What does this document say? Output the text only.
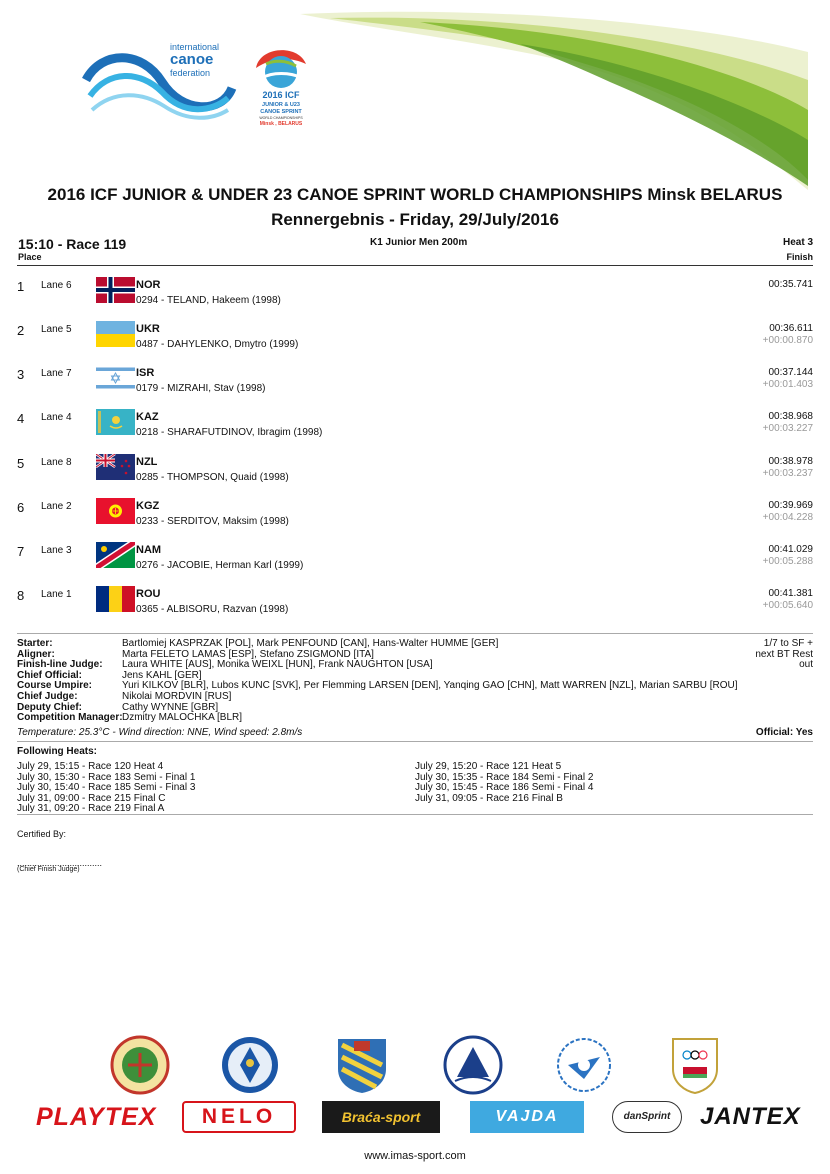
international
canoe
federation
2016 ICF
JUNIOR & U23
CANOE SPRINT
WORLD CHAMPIONSHIPS
Minsk , BELARUS
2016 ICF JUNIOR & UNDER 23 CANOE SPRINT WORLD CHAMPIONSHIPS Minsk BELARUS
Rennergebnis - Friday, 29/July/2016
15:10 - Race 119	K1 Junior Men 200m	Heat 3
Place	Finish
1 Lane 6	NOR
0294 - TELAND, Hakeem (1998)
00:35.741
2 Lane 5	UKR
0487 - DAHYLENKO, Dmytro (1999)
00:36.611
+00:00.870
3 Lane 7	ISR
0179 - MIZRAHI, Stav (1998)
00:37.144
+00:01.403
4 Lane 4	KAZ
0218 - SHARAFUTDINOV, Ibragim (1998)
00:38.968
+00:03.227
5 Lane 8	NZL
0285 - THOMPSON, Quaid (1998)
00:38.978
+00:03.237
6 Lane 2	KGZ
0233 - SERDITOV, Maksim (1998)
00:39.969
+00:04.228
7 Lane 3	NAM
0276 - JACOBIE, Herman Karl (1999)
00:41.029
+00:05.288
8 Lane 1	ROU
0365 - ALBISORU, Razvan (1998)
00:41.381
+00:05.640
Starter:	Bartlomiej KASPRZAK [POL], Mark PENFOUND [CAN], Hans-Walter HUMME [GER]
Aligner:	Marta FELETO LAMAS [ESP], Stefano ZSIGMOND [ITA]
Finish-line Judge:	Laura WHITE [AUS], Monika WEIXL [HUN], Frank NAUGHTON [USA]
Chief Official:	Jens KAHL [GER]
Course Umpire:	Yuri KILKOV [BLR], Lubos KUNC [SVK], Per Flemming LARSEN [DEN], Yanqing GAO [CHN], Matt WARREN [NZL], Marian SARBU [ROU]
Chief Judge:	Nikolai MORDVIN [RUS]
Deputy Chief:	Cathy WYNNE [GBR]
Competition Manager: Dzmitry MALOCHKA [BLR]
1/7 to SF +
next BT Rest
out
Temperature: 25.3°C - Wind direction: NNE, Wind speed: 2.8m/s	Official: Yes
Following Heats:
July 29, 15:15 - Race 120 Heat 4
July 30, 15:30 - Race 183 Semi - Final 1
July 30, 15:40 - Race 185 Semi - Final 3
July 31, 09:00 - Race 215 Final C
July 31, 09:20 - Race 219 Final A
July 29, 15:20 - Race 121 Heat 5
July 30, 15:35 - Race 184 Semi - Final 2
July 30, 15:45 - Race 186 Semi - Final 4
July 31, 09:05 - Race 216 Final B
Certified By:
..................................
(Chief Finish Judge)
PLAYTEX	NELO	Braća-sport	VAJDA	danSprint	JANTEX
www.imas-sport.com
